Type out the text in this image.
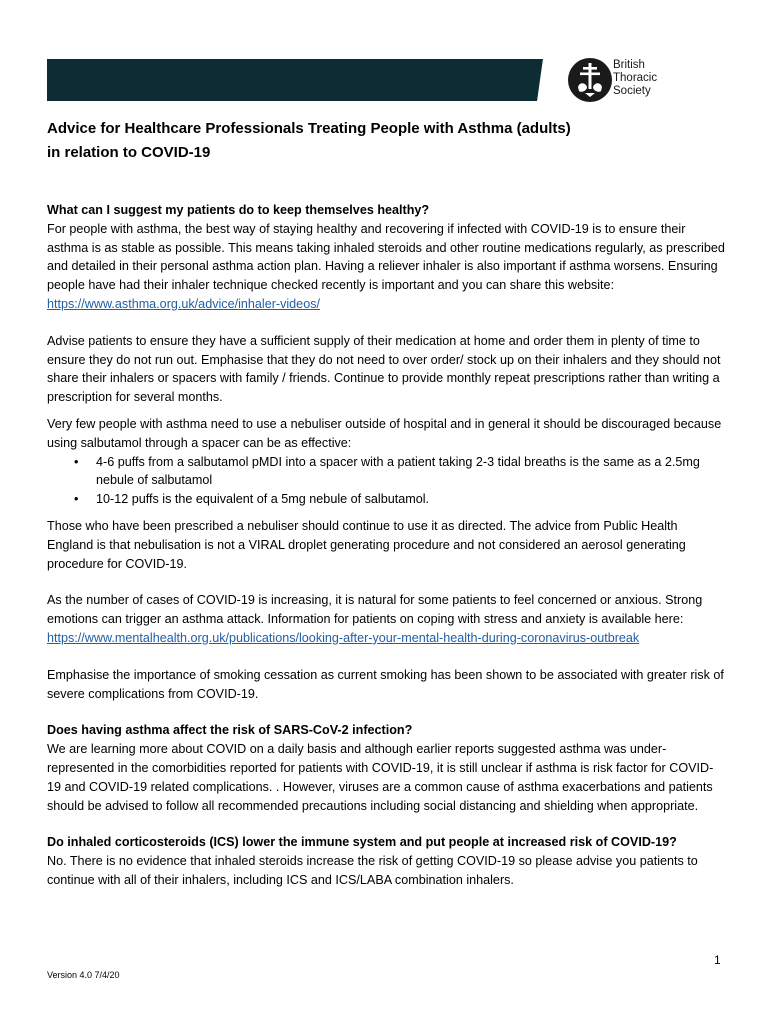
British
Thoracic
Society
Advice for Healthcare Professionals Treating People with Asthma (adults)
in relation to COVID-19

What can I suggest my patients do to keep themselves healthy?

For people with asthma, the best way of staying healthy and recovering if infected with COVID-19 is to ensure their asthma is as stable as possible. This means taking inhaled steroids and other routine medications regularly, as prescribed and detailed in their personal asthma action plan. Having a reliever inhaler is also important if asthma worsens. Ensuring people have had their inhaler technique checked recently is important and you can share this website: https://www.asthma.org.uk/advice/inhaler-videos/

Advise patients to ensure they have a sufficient supply of their medication at home and order them in plenty of time to ensure they do not run out. Emphasise that they do not need to over order/ stock up on their inhalers and they should not share their inhalers or spacers with family / friends. Continue to provide monthly repeat prescriptions rather than writing a prescription for several months.

Very few people with asthma need to use a nebuliser outside of hospital and in general it should be discouraged because using salbutamol through a spacer can be as effective:

• 4-6 puffs from a salbutamol pMDI into a spacer with a patient taking 2-3 tidal breaths is the same as a 2.5mg nebule of salbutamol
• 10-12 puffs is the equivalent of a 5mg nebule of salbutamol.

Those who have been prescribed a nebuliser should continue to use it as directed. The advice from Public Health England is that nebulisation is not a VIRAL droplet generating procedure and not considered an aerosol generating procedure for COVID-19.

As the number of cases of COVID-19 is increasing, it is natural for some patients to feel concerned or anxious. Strong emotions can trigger an asthma attack. Information for patients on coping with stress and anxiety is available here:

https://www.mentalhealth.org.uk/publications/looking-after-your-mental-health-during-coronavirus-outbreak

Emphasise the importance of smoking cessation as current smoking has been shown to be associated with greater risk of severe complications from COVID-19.

Does having asthma affect the risk of SARS-CoV-2 infection?

We are learning more about COVID on a daily basis and although earlier reports suggested asthma was under-represented in the comorbidities reported for patients with COVID-19, it is still unclear if asthma is risk factor for COVID-19 and COVID-19 related complications. . However, viruses are a common cause of asthma exacerbations and patients should be advised to follow all recommended precautions including social distancing and shielding when appropriate.

Do inhaled corticosteroids (ICS) lower the immune system and put people at increased risk of COVID-19?

No. There is no evidence that inhaled steroids increase the risk of getting COVID-19 so please advise you patients to continue with all of their inhalers, including ICS and ICS/LABA combination inhalers.

1
Version 4.0 7/4/20
